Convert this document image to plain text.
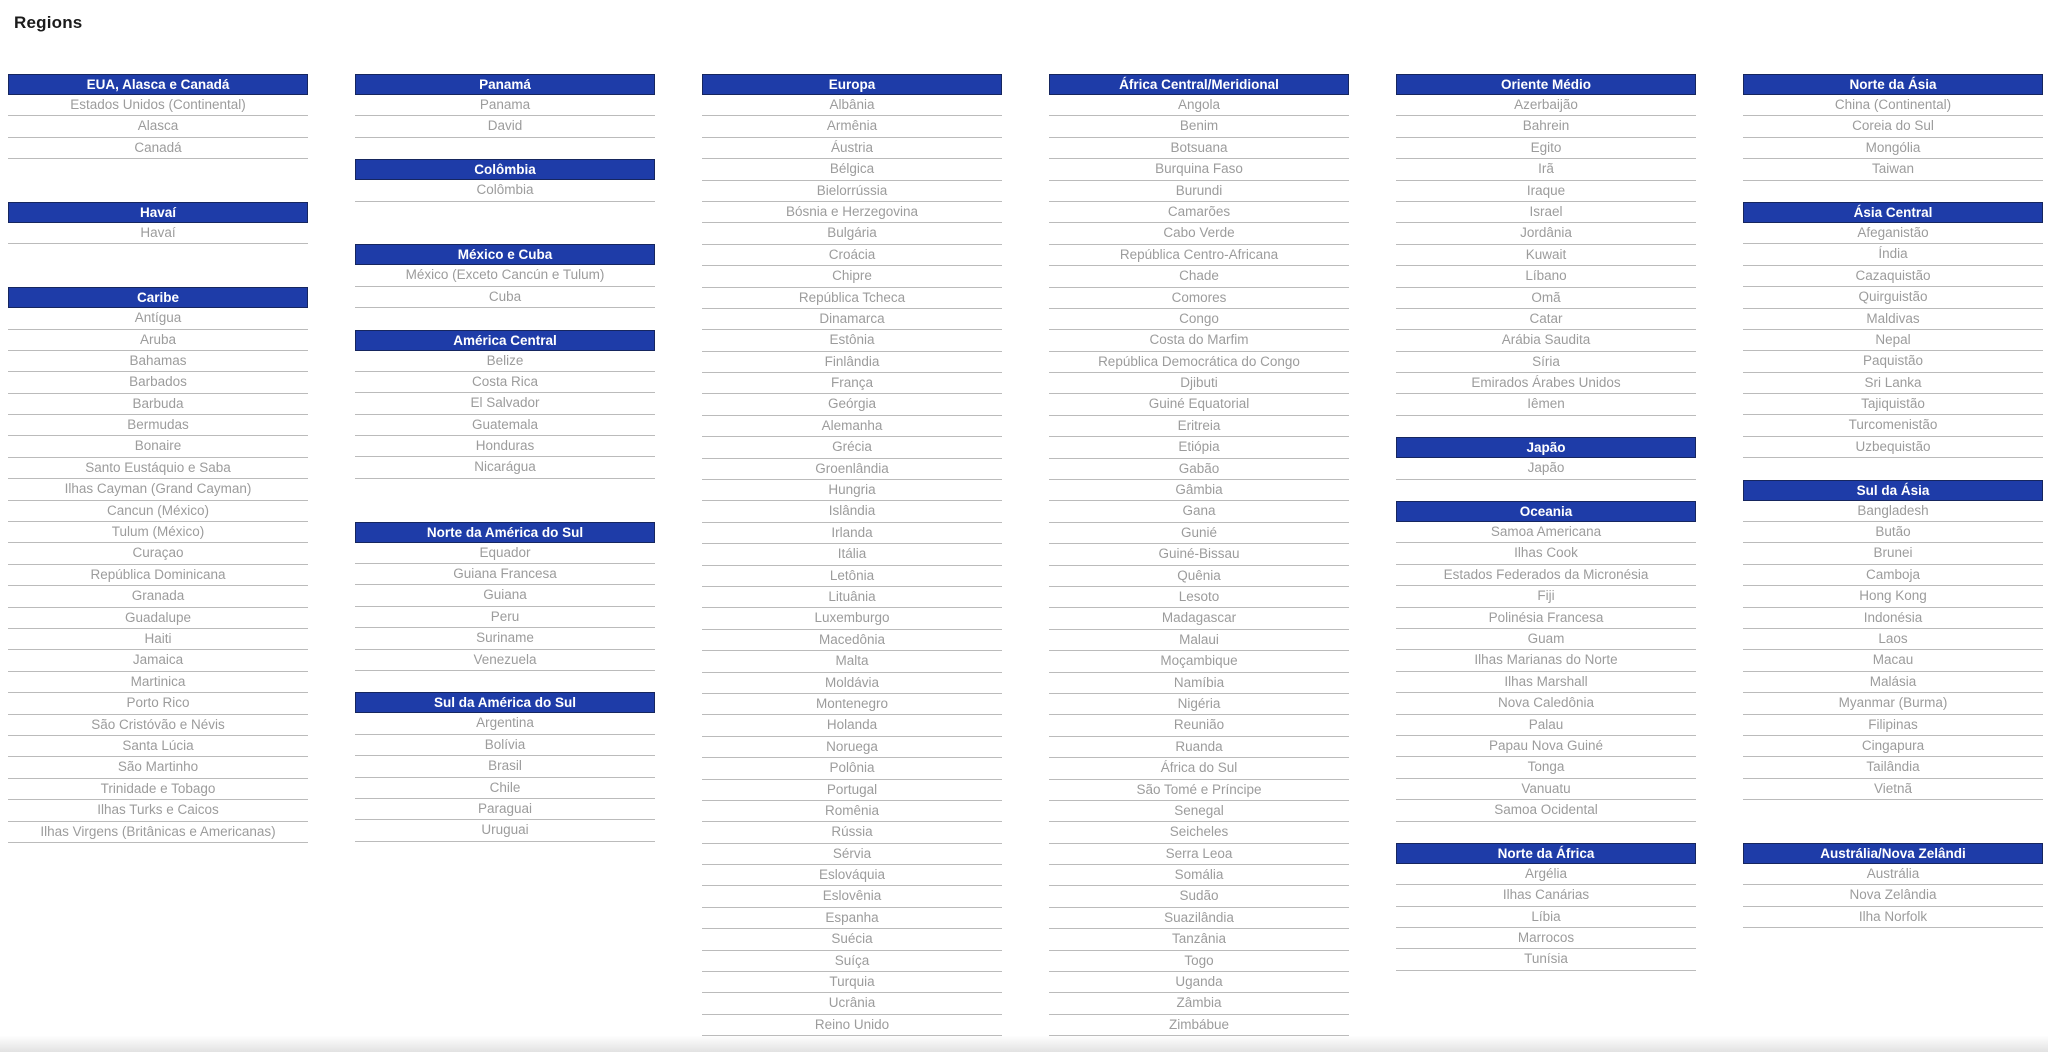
Regions
EUA, Alasca e Canadá
Estados Unidos (Continental)
Alasca
Canadá
Havaí
Havaí
Caribe
Antígua
Aruba
Bahamas
Barbados
Barbuda
Bermudas
Bonaire
Santo Eustáquio e Saba
Ilhas Cayman (Grand Cayman)
Cancun (México)
Tulum (México)
Curaçao
República Dominicana
Granada
Guadalupe
Haiti
Jamaica
Martinica
Porto Rico
São Cristóvão e Névis
Santa Lúcia
São Martinho
Trinidade e Tobago
Ilhas Turks e Caicos
Ilhas Virgens (Britânicas e Americanas)
Panamá
Panama
David
Colômbia
Colômbia
México e Cuba
México (Exceto Cancún e Tulum)
Cuba
América Central
Belize
Costa Rica
El Salvador
Guatemala
Honduras
Nicarágua
Norte da América do Sul
Equador
Guiana Francesa
Guiana
Peru
Suriname
Venezuela
Sul da América do Sul
Argentina
Bolívia
Brasil
Chile
Paraguai
Uruguai
Europa
Albânia
Armênia
Áustria
Bélgica
Bielorrússia
Bósnia e Herzegovina
Bulgária
Croácia
Chipre
República Tcheca
Dinamarca
Estônia
Finlândia
França
Geórgia
Alemanha
Grécia
Groenlândia
Hungria
Islândia
Irlanda
Itália
Letônia
Lituânia
Luxemburgo
Macedônia
Malta
Moldávia
Montenegro
Holanda
Noruega
Polônia
Portugal
Romênia
Rússia
Sérvia
Eslováquia
Eslovênia
Espanha
Suécia
Suíça
Turquia
Ucrânia
Reino Unido
África Central/Meridional
Angola
Benim
Botsuana
Burquina Faso
Burundi
Camarões
Cabo Verde
República Centro-Africana
Chade
Comores
Congo
Costa do Marfim
República Democrática do Congo
Djibuti
Guiné Equatorial
Eritreia
Etiópia
Gabão
Gâmbia
Gana
Gunié
Guiné-Bissau
Quênia
Lesoto
Madagascar
Malaui
Moçambique
Namíbia
Nigéria
Reunião
Ruanda
África do Sul
São Tomé e Príncipe
Senegal
Seicheles
Serra Leoa
Somália
Sudão
Suazilândia
Tanzânia
Togo
Uganda
Zâmbia
Zimbábue
Oriente Médio
Azerbaijão
Bahrein
Egito
Irã
Iraque
Israel
Jordânia
Kuwait
Líbano
Omã
Catar
Arábia Saudita
Síria
Emirados Árabes Unidos
Iêmen
Japão
Japão
Oceania
Samoa Americana
Ilhas Cook
Estados Federados da Micronésia
Fiji
Polinésia Francesa
Guam
Ilhas Marianas do Norte
Ilhas Marshall
Nova Caledônia
Palau
Papau Nova Guiné
Tonga
Vanuatu
Samoa Ocidental
Norte da África
Argélia
Ilhas Canárias
Líbia
Marrocos
Tunísia
Norte da Ásia
China (Continental)
Coreia do Sul
Mongólia
Taiwan
Ásia Central
Afeganistão
Índia
Cazaquistão
Quirguistão
Maldivas
Nepal
Paquistão
Sri Lanka
Tajiquistão
Turcomenistão
Uzbequistão
Sul da Ásia
Bangladesh
Butão
Brunei
Camboja
Hong Kong
Indonésia
Laos
Macau
Malásia
Myanmar (Burma)
Filipinas
Cingapura
Tailândia
Vietnã
Austrália/Nova Zelândi
Austrália
Nova Zelândia
Ilha Norfolk
